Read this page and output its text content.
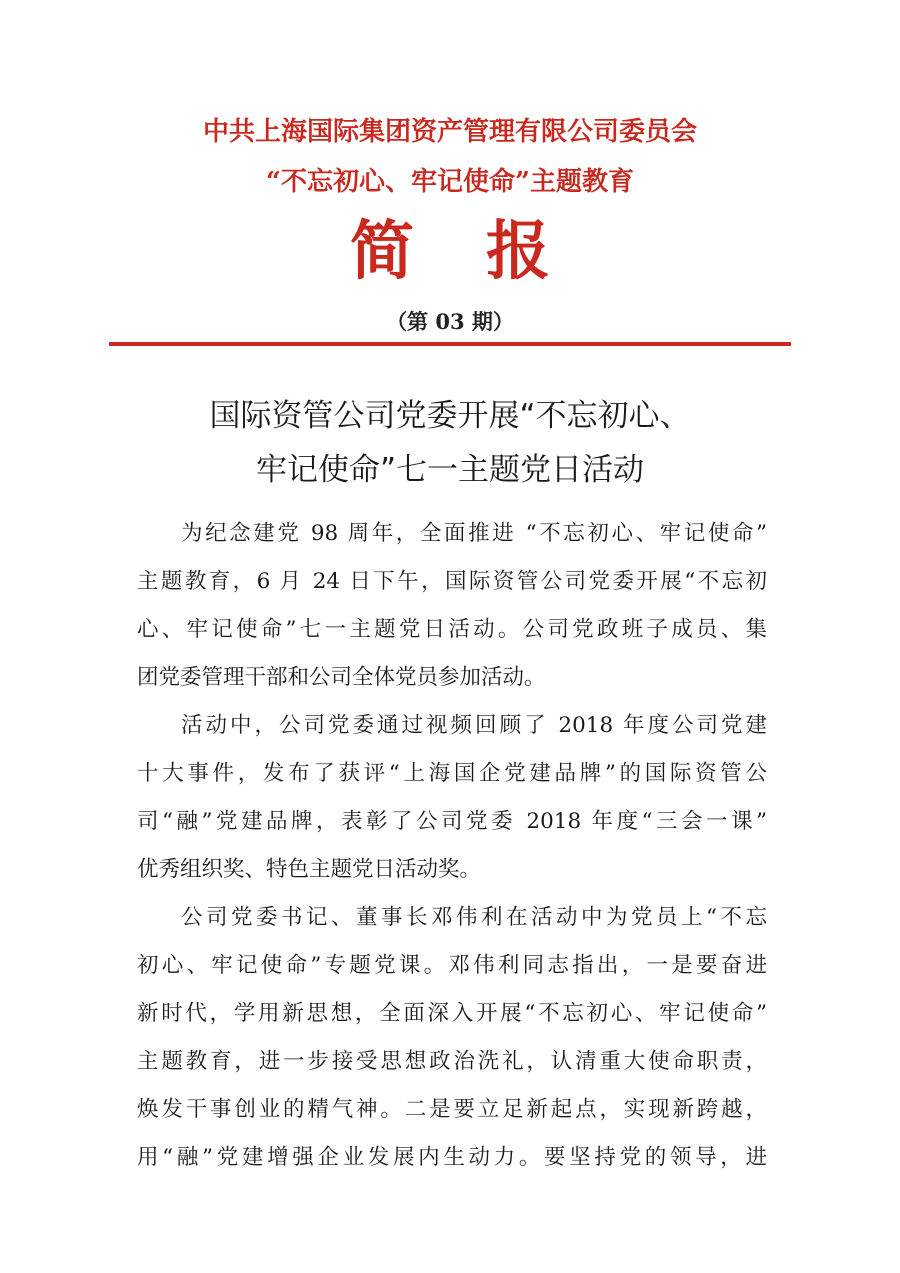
中共上海国际集团资产管理有限公司委员会
“不忘初心、牢记使命”主题教育
简报
（第 03 期）
国际资管公司党委开展“不忘初心、
牢记使命”七一主题党日活动
为纪念建党 98 周年，全面推进 “不忘初心、牢记使命”
主题教育，6 月 24 日下午，国际资管公司党委开展“不忘初
心、牢记使命”七一主题党日活动。公司党政班子成员、集
团党委管理干部和公司全体党员参加活动。
活动中，公司党委通过视频回顾了 2018 年度公司党建
十大事件，发布了获评“上海国企党建品牌”的国际资管公
司“融”党建品牌，表彰了公司党委 2018 年度“三会一课”
优秀组织奖、特色主题党日活动奖。
公司党委书记、董事长邓伟利在活动中为党员上“不忘
初心、牢记使命”专题党课。邓伟利同志指出，一是要奋进
新时代，学用新思想，全面深入开展“不忘初心、牢记使命”
主题教育，进一步接受思想政治洗礼，认清重大使命职责，
焕发干事创业的精气神。二是要立足新起点，实现新跨越，
用“融”党建增强企业发展内生动力。要坚持党的领导，进
